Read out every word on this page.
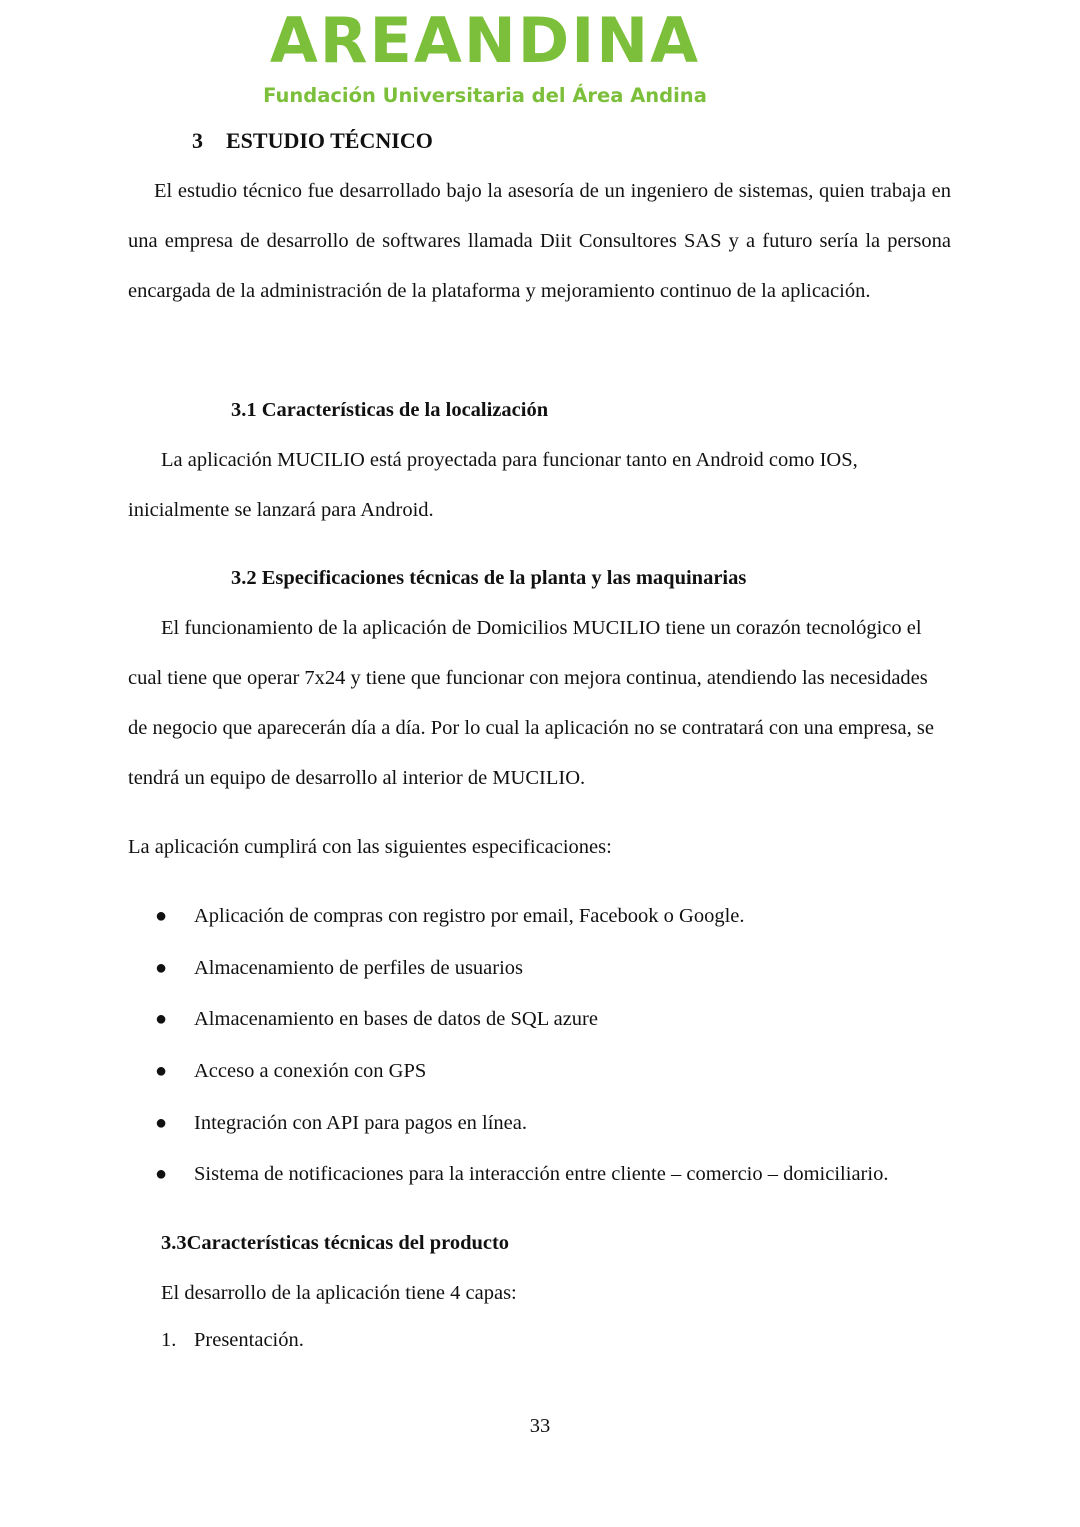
AREANDINA
Fundación Universitaria del Área Andina
3 ESTUDIO TÉCNICO

El estudio técnico fue desarrollado bajo la asesoría de un ingeniero de sistemas, quien trabaja en una empresa de desarrollo de softwares llamada Diit Consultores SAS y a futuro sería la persona encargada de la administración de la plataforma y mejoramiento continuo de la aplicación.

3.1 Características de la localización

La aplicación MUCILIO está proyectada para funcionar tanto en Android como IOS, inicialmente se lanzará para Android.

3.2 Especificaciones técnicas de la planta y las maquinarias

El funcionamiento de la aplicación de Domicilios MUCILIO tiene un corazón tecnológico el cual tiene que operar 7x24 y tiene que funcionar con mejora continua, atendiendo las necesidades de negocio que aparecerán día a día. Por lo cual la aplicación no se contratará con una empresa, se tendrá un equipo de desarrollo al interior de MUCILIO.

La aplicación cumplirá con las siguientes especificaciones:

● Aplicación de compras con registro por email, Facebook o Google.
● Almacenamiento de perfiles de usuarios
● Almacenamiento en bases de datos de SQL azure
● Acceso a conexión con GPS
● Integración con API para pagos en línea.
● Sistema de notificaciones para la interacción entre cliente – comercio – domiciliario.
3.3Características técnicas del producto
El desarrollo de la aplicación tiene 4 capas:
1. Presentación.
33
